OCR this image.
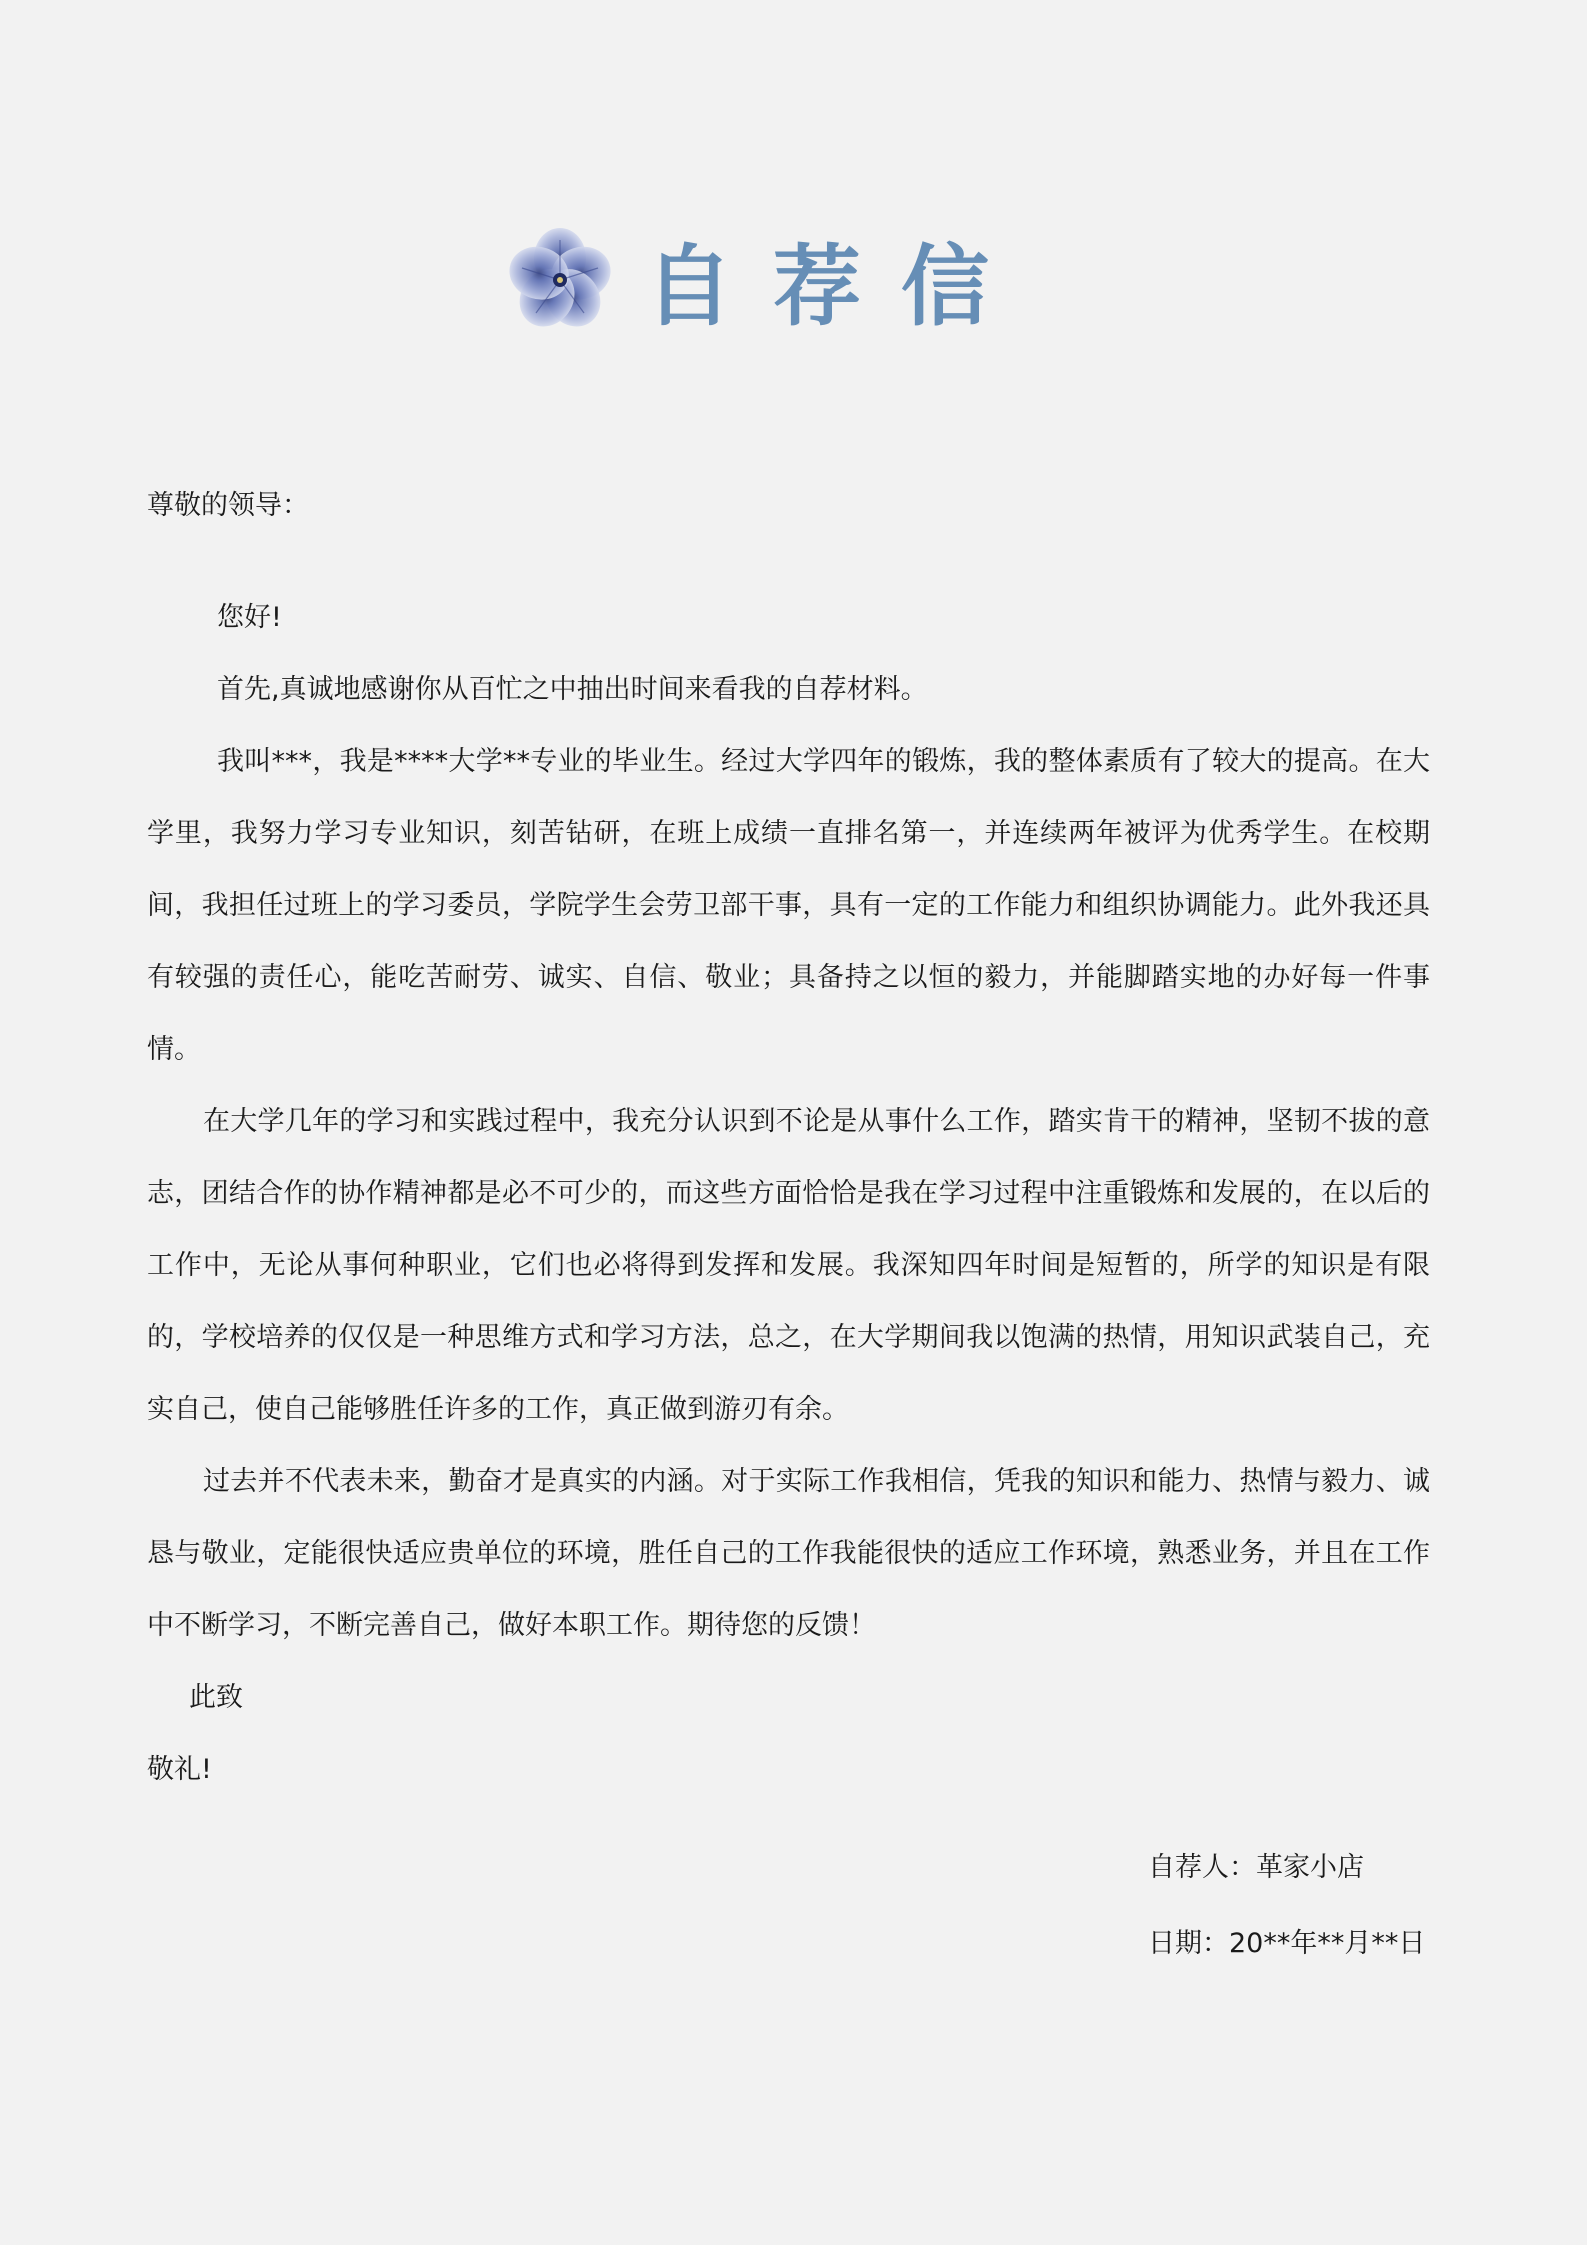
自荐信
尊敬的领导：

您好!

首先,真诚地感谢你从百忙之中抽出时间来看我的自荐材料。

我叫***，我是****大学**专业的毕业生。经过大学四年的锻炼，我的整体素质有了较大的提高。在大学里，我努力学习专业知识，刻苦钻研，在班上成绩一直排名第一，并连续两年被评为优秀学生。在校期间，我担任过班上的学习委员，学院学生会劳卫部干事，具有一定的工作能力和组织协调能力。此外我还具有较强的责任心，能吃苦耐劳、诚实、自信、敬业；具备持之以恒的毅力，并能脚踏实地的办好每一件事情。

在大学几年的学习和实践过程中，我充分认识到不论是从事什么工作，踏实肯干的精神，坚韧不拔的意志，团结合作的协作精神都是必不可少的，而这些方面恰恰是我在学习过程中注重锻炼和发展的，在以后的工作中，无论从事何种职业，它们也必将得到发挥和发展。我深知四年时间是短暂的，所学的知识是有限的，学校培养的仅仅是一种思维方式和学习方法，总之，在大学期间我以饱满的热情，用知识武装自己，充实自己，使自己能够胜任许多的工作，真正做到游刃有余。

过去并不代表未来，勤奋才是真实的内涵。对于实际工作我相信，凭我的知识和能力、热情与毅力、诚恳与敬业，定能很快适应贵单位的环境，胜任自己的工作我能很快的适应工作环境，熟悉业务，并且在工作中不断学习，不断完善自己，做好本职工作。期待您的反馈！

此致

敬礼!

自荐人：革家小店
日期：20**年**月**日
